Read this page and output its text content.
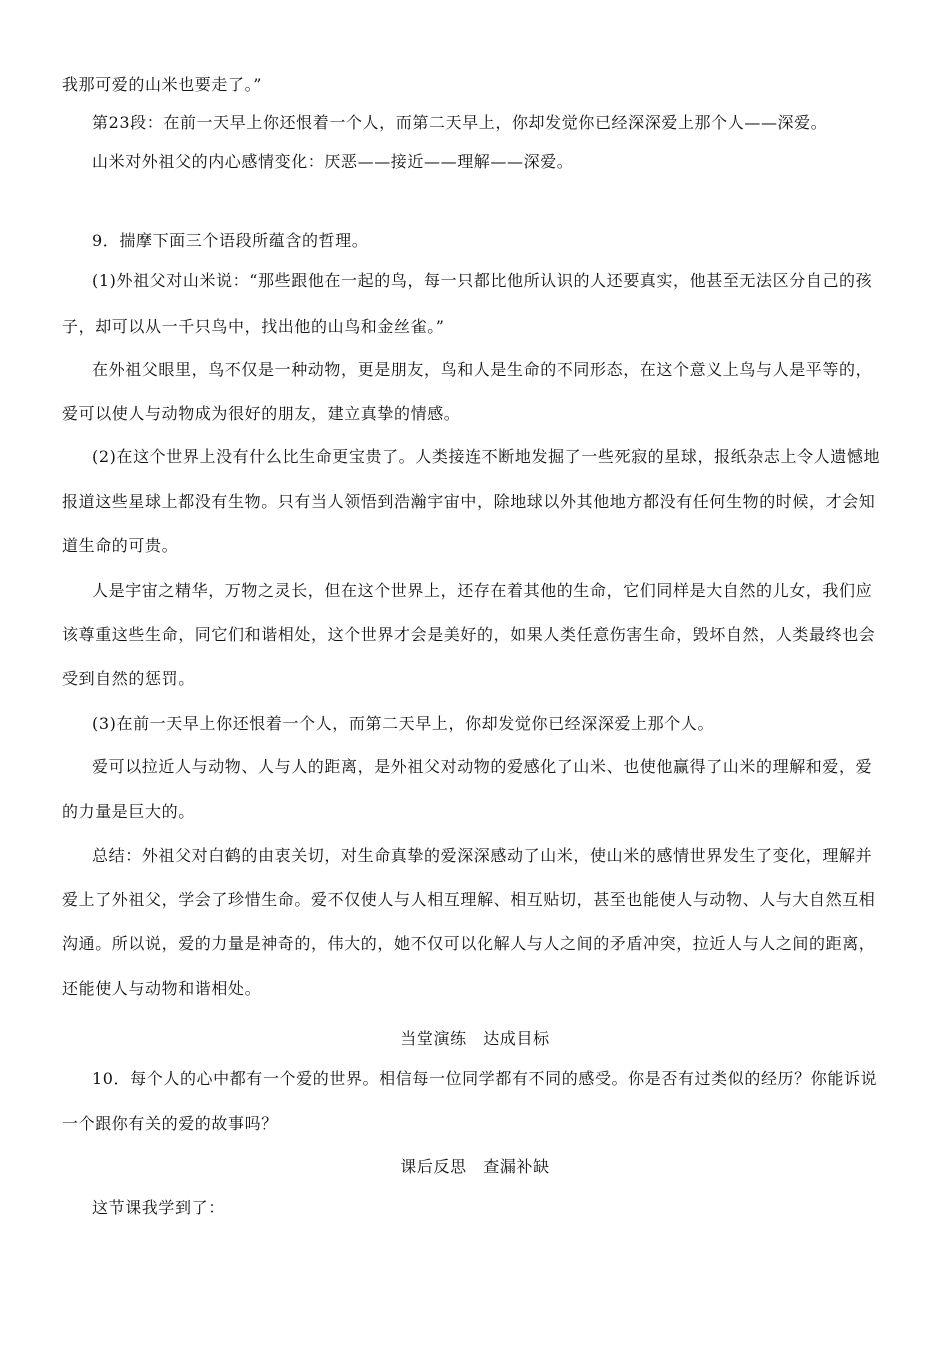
我那可爱的山米也要走了。”
第23段：在前一天早上你还恨着一个人，而第二天早上，你却发觉你已经深深爱上那个人——深爱。
山米对外祖父的内心感情变化：厌恶——接近——理解——深爱。
9．揣摩下面三个语段所蕴含的哲理。
(1)外祖父对山米说：“那些跟他在一起的鸟，每一只都比他所认识的人还要真实，他甚至无法区分自己的孩
子，却可以从一千只鸟中，找出他的山鸟和金丝雀。”
在外祖父眼里，鸟不仅是一种动物，更是朋友，鸟和人是生命的不同形态，在这个意义上鸟与人是平等的，
爱可以使人与动物成为很好的朋友，建立真挚的情感。
(2)在这个世界上没有什么比生命更宝贵了。人类接连不断地发掘了一些死寂的星球，报纸杂志上令人遗憾地
报道这些星球上都没有生物。只有当人领悟到浩瀚宇宙中，除地球以外其他地方都没有任何生物的时候，才会知
道生命的可贵。
人是宇宙之精华，万物之灵长，但在这个世界上，还存在着其他的生命，它们同样是大自然的儿女，我们应
该尊重这些生命，同它们和谐相处，这个世界才会是美好的，如果人类任意伤害生命，毁坏自然，人类最终也会
受到自然的惩罚。
(3)在前一天早上你还恨着一个人，而第二天早上，你却发觉你已经深深爱上那个人。
爱可以拉近人与动物、人与人的距离，是外祖父对动物的爱感化了山米、也使他赢得了山米的理解和爱，爱
的力量是巨大的。
总结：外祖父对白鹤的由衷关切，对生命真挚的爱深深感动了山米，使山米的感情世界发生了变化，理解并
爱上了外祖父，学会了珍惜生命。爱不仅使人与人相互理解、相互贴切，甚至也能使人与动物、人与大自然互相
沟通。所以说，爱的力量是神奇的，伟大的，她不仅可以化解人与人之间的矛盾冲突，拉近人与人之间的距离，
还能使人与动物和谐相处。
当堂演练　达成目标
10．每个人的心中都有一个爱的世界。相信每一位同学都有不同的感受。你是否有过类似的经历？你能诉说
一个跟你有关的爱的故事吗？
课后反思　查漏补缺
这节课我学到了：
